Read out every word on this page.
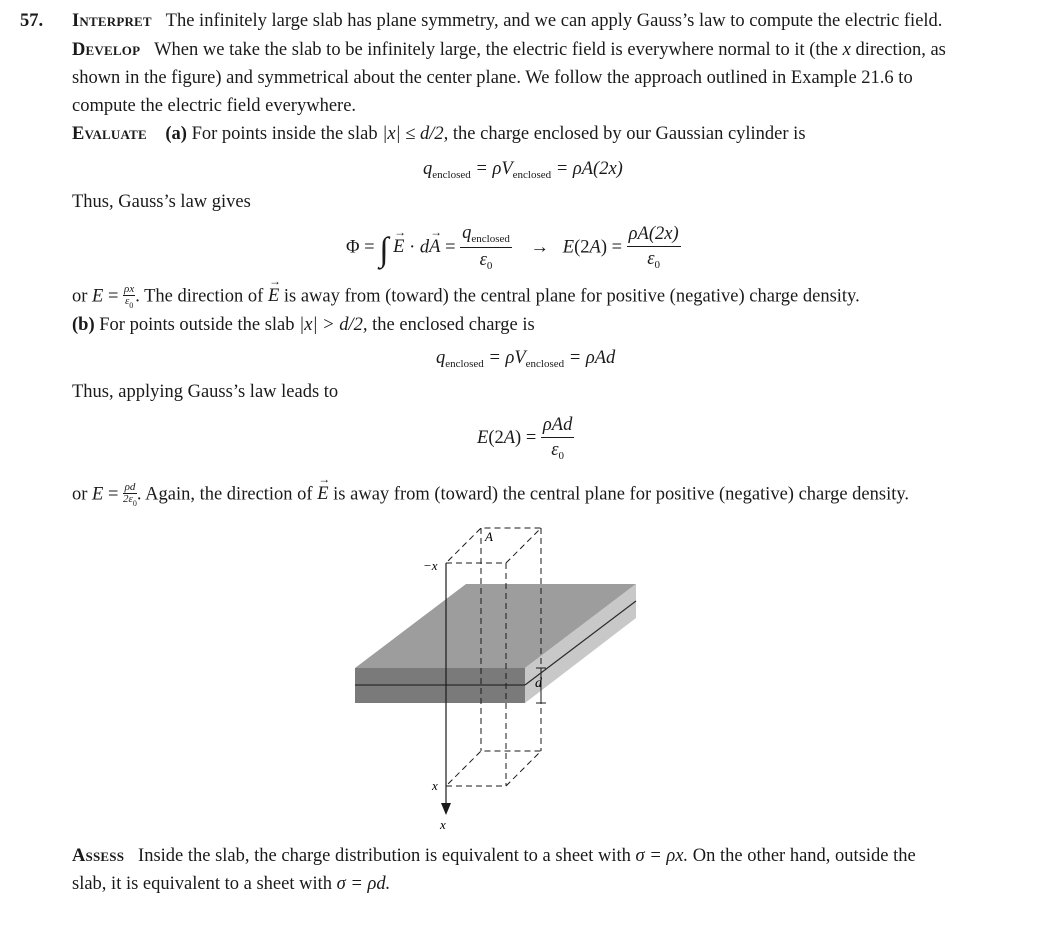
57. Interpret The infinitely large slab has plane symmetry, and we can apply Gauss’s law to compute the electric field.
Develop When we take the slab to be infinitely large, the electric field is everywhere normal to it (the x direction, as
shown in the figure) and symmetrical about the center plane. We follow the approach outlined in Example 21.6 to
compute the electric field everywhere.
Evaluate (a) For points inside the slab |x| ≤ d/2, the charge enclosed by our Gaussian cylinder is
$q_{enclosed} = \rho V_{enclosed} = \rho A(2x)$
Thus, Gauss’s law gives
Φ = ∫ → $E \cdot d\to A = \frac{q_{enclosed}}{\varepsilon_0} \to E(2A) = \frac{\rho A(2x)}{\varepsilon_0}$
or $E = \frac{\rho x}{\varepsilon_0}$ . The direction of → E is away from (toward) the central plane for positive (negative) charge density.
(b) For points outside the slab |x| > d/2, the enclosed charge is
$q_{enclosed} = \rho V_{enclosed} = \rho Ad$
Thus, applying Gauss’s law leads to
$E(2A) = \frac{\text{ρAd}}{\varepsilon_0}$
or $E = \frac{\rho d}{2\varepsilon_0}$ . Again, the direction of → E is away from (toward) the central plane for positive (negative) charge density.
A
−x
x
x
d
Assess Inside the slab, the charge distribution is equivalent to a sheet with σ = ρx. On the other hand, outside the
slab, it is equivalent to a sheet with σ = ρd.
